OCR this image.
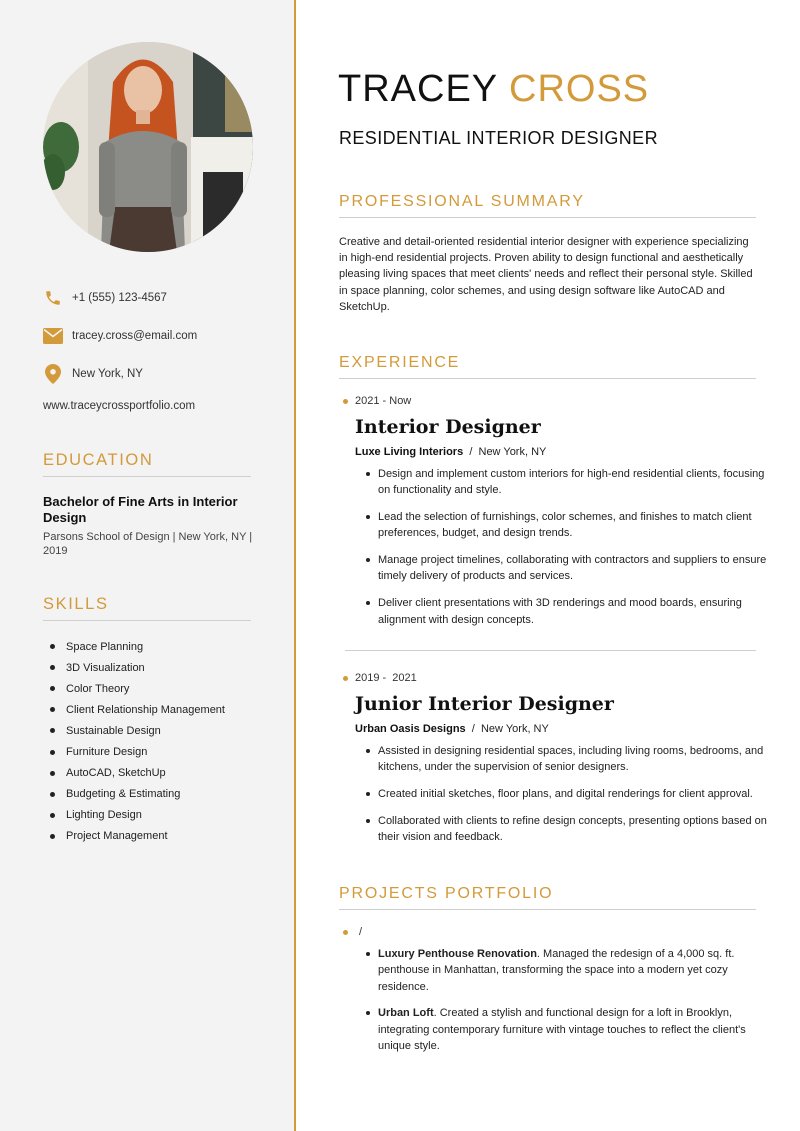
+1 (555) 123-4567
tracey.cross@email.com
New York, NY
www.traceycrossportfolio.com
EDUCATION
Bachelor of Fine Arts in Interior Design
Parsons School of Design | New York, NY | 2019
SKILLS
Space Planning
3D Visualization
Color Theory
Client Relationship Management
Sustainable Design
Furniture Design
AutoCAD, SketchUp
Budgeting & Estimating
Lighting Design
Project Management
TRACEY CROSS
RESIDENTIAL INTERIOR DESIGNER
PROFESSIONAL SUMMARY

Creative and detail-oriented residential interior designer with experience specializing in high-end residential projects. Proven ability to design functional and aesthetically pleasing living spaces that meet clients' needs and reflect their personal style. Skilled in space planning, color schemes, and using design software like AutoCAD and SketchUp.

EXPERIENCE
2021 - Now
Interior Designer
Luxe Living Interiors / New York, NY
Design and implement custom interiors for high-end residential clients, focusing on functionality and style.
Lead the selection of furnishings, color schemes, and finishes to match client preferences, budget, and design trends.
Manage project timelines, collaborating with contractors and suppliers to ensure timely delivery of products and services.
Deliver client presentations with 3D renderings and mood boards, ensuring alignment with design concepts.
2019 -  2021
Junior Interior Designer
Urban Oasis Designs / New York, NY
Assisted in designing residential spaces, including living rooms, bedrooms, and kitchens, under the supervision of senior designers.
Created initial sketches, floor plans, and digital renderings for client approval.
Collaborated with clients to refine design concepts, presenting options based on their vision and feedback.
PROJECTS PORTFOLIO
/
Luxury Penthouse Renovation. Managed the redesign of a 4,000 sq. ft. penthouse in Manhattan, transforming the space into a modern yet cozy residence.
Urban Loft. Created a stylish and functional design for a loft in Brooklyn, integrating contemporary furniture with vintage touches to reflect the client's unique style.
